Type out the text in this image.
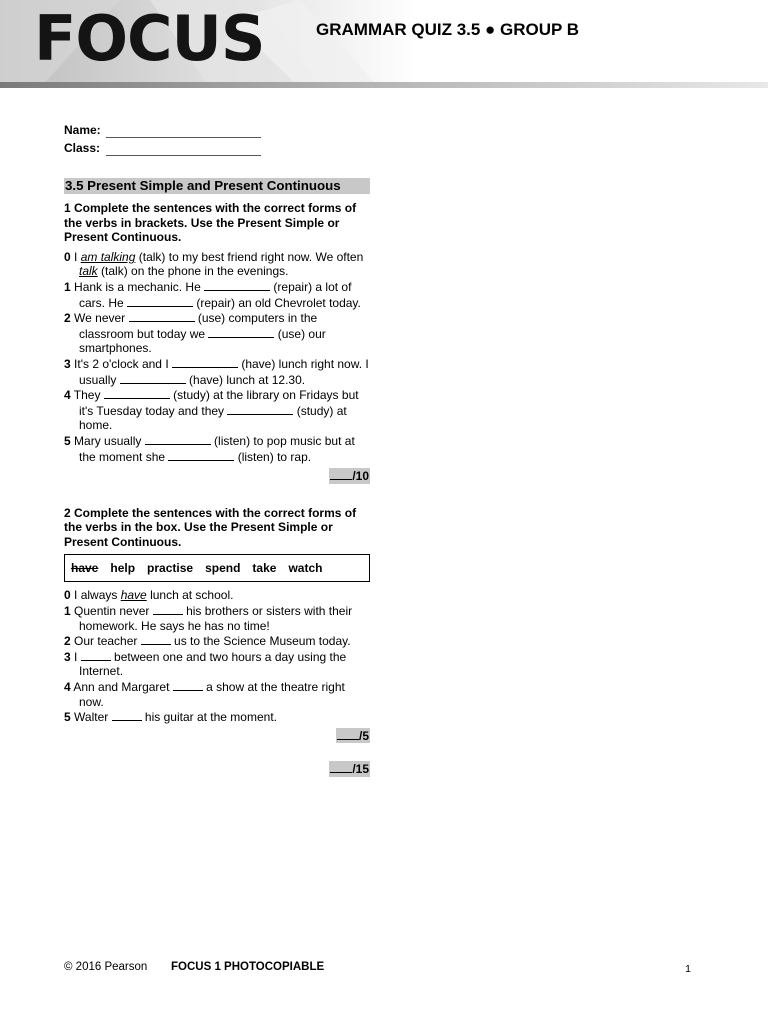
FOCUS	GRAMMAR QUIZ 3.5 ● GROUP B
Name:
Class:
3.5 Present Simple and Present Continuous
1 Complete the sentences with the correct forms of the verbs in brackets. Use the Present Simple or Present Continuous.
0 I am talking (talk) to my best friend right now. We often talk (talk) on the phone in the evenings.
1 Hank is a mechanic. He	(repair) a lot of cars. He	(repair) an old Chevrolet today.
2 We never	(use) computers in the classroom but today we	(use) our smartphones.
3 It's 2 o'clock and I	(have) lunch right now. I usually	(have) lunch at 12.30.
4 They	(study) at the library on Fridays but it's Tuesday today and they	(study) at home.
5 Mary usually	(listen) to pop music but at the moment she	(listen) to rap.
/10
2 Complete the sentences with the correct forms of the verbs in the box. Use the Present Simple or Present Continuous.
have help practise spend take watch
0 I always have lunch at school.
1 Quentin never	his brothers or sisters with their homework. He says he has no time!
2 Our teacher	us to the Science Museum today.
3 I	between one and two hours a day using the Internet.
4 Ann and Margaret	a show at the theatre right now.
5 Walter	his guitar at the moment.
/5
/15
© 2016 Pearson FOCUS 1 PHOTOCOPIABLE	1
